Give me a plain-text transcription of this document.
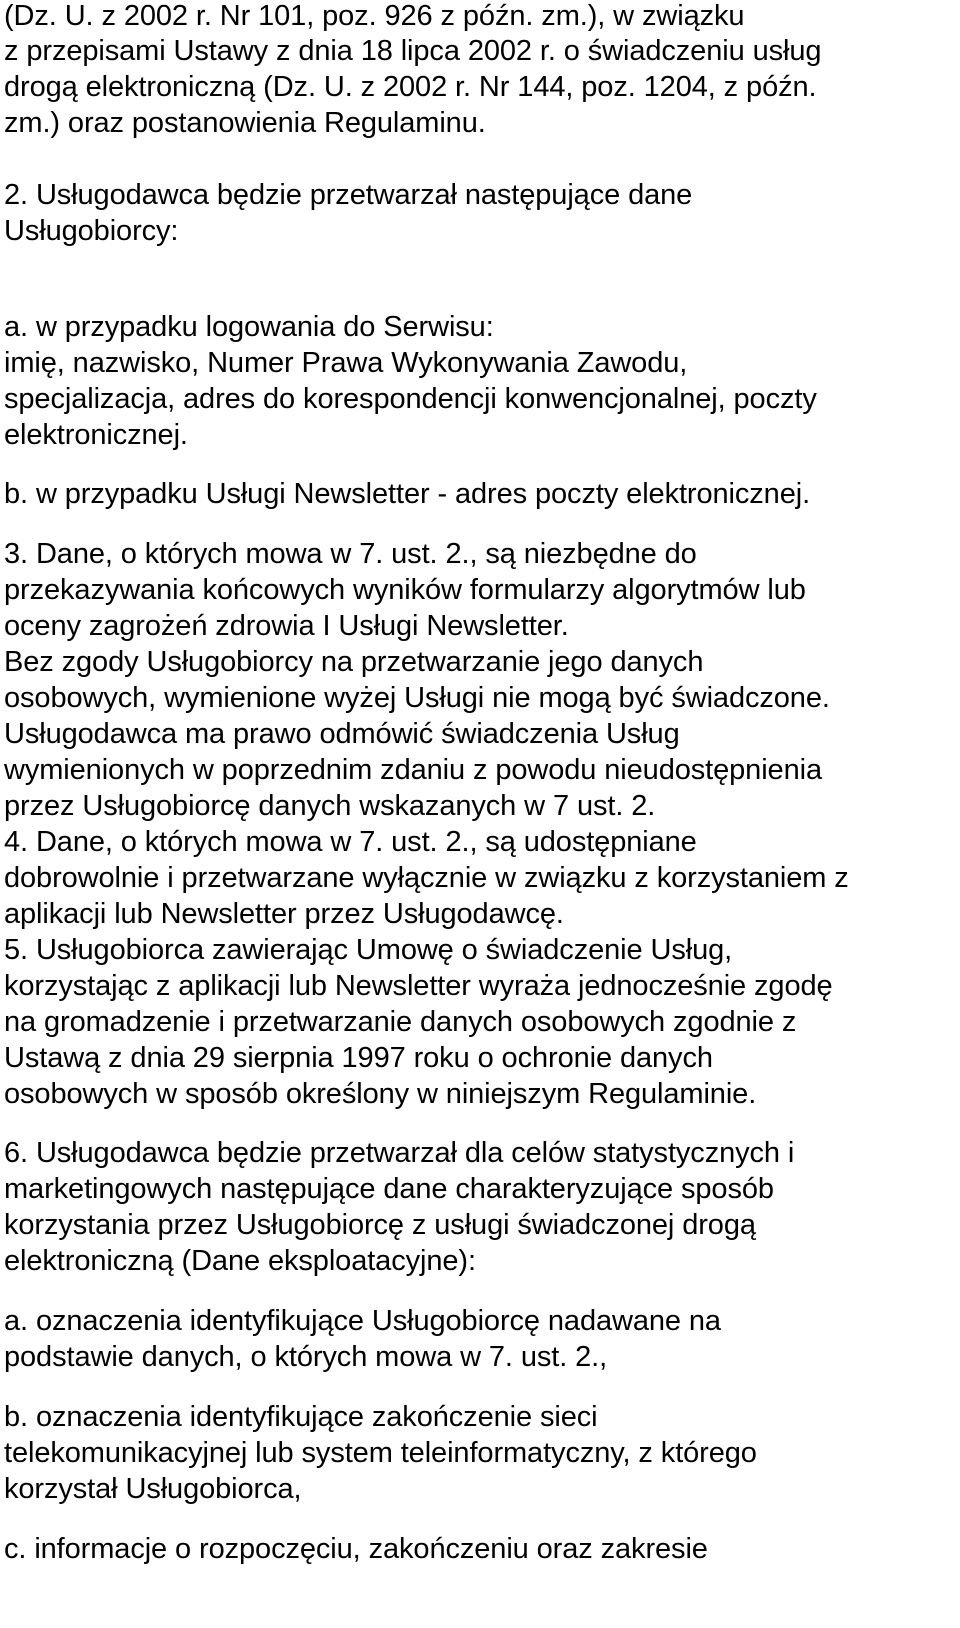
(Dz. U. z 2002 r. Nr 101, poz. 926 z późn. zm.), w związku
z przepisami Ustawy z dnia 18 lipca 2002 r. o świadczeniu usług
drogą elektroniczną (Dz. U. z 2002 r. Nr 144, poz. 1204, z późn.
zm.) oraz postanowienia Regulaminu.
2. Usługodawca będzie przetwarzał następujące dane
Usługobiorcy:
a. w przypadku logowania do Serwisu:
imię, nazwisko, Numer Prawa Wykonywania Zawodu,
specjalizacja, adres do korespondencji konwencjonalnej, poczty
elektronicznej.
b. w przypadku Usługi Newsletter - adres poczty elektronicznej.
3. Dane, o których mowa w 7. ust. 2., są niezbędne do
przekazywania końcowych wyników formularzy algorytmów lub
oceny zagrożeń zdrowia I Usługi Newsletter.
Bez zgody Usługobiorcy na przetwarzanie jego danych
osobowych, wymienione wyżej Usługi nie mogą być świadczone.
Usługodawca ma prawo odmówić świadczenia Usług
wymienionych w poprzednim zdaniu z powodu nieudostępnienia
przez Usługobiorcę danych wskazanych w 7 ust. 2.
4. Dane, o których mowa w 7. ust. 2., są udostępniane
dobrowolnie i przetwarzane wyłącznie w związku z korzystaniem z
aplikacji lub Newsletter przez Usługodawcę.
5. Usługobiorca zawierając Umowę o świadczenie Usług,
korzystając z aplikacji lub Newsletter wyraża jednocześnie zgodę
na gromadzenie i przetwarzanie danych osobowych zgodnie z
Ustawą z dnia 29 sierpnia 1997 roku o ochronie danych
osobowych w sposób określony w niniejszym Regulaminie.
6. Usługodawca będzie przetwarzał dla celów statystycznych i
marketingowych następujące dane charakteryzujące sposób
korzystania przez Usługobiorcę z usługi świadczonej drogą
elektroniczną (Dane eksploatacyjne):
a. oznaczenia identyfikujące Usługobiorcę nadawane na
podstawie danych, o których mowa w 7. ust. 2.,
b. oznaczenia identyfikujące zakończenie sieci
telekomunikacyjnej lub system teleinformatyczny, z którego
korzystał Usługobiorca,
c. informacje o rozpoczęciu, zakończeniu oraz zakresie
